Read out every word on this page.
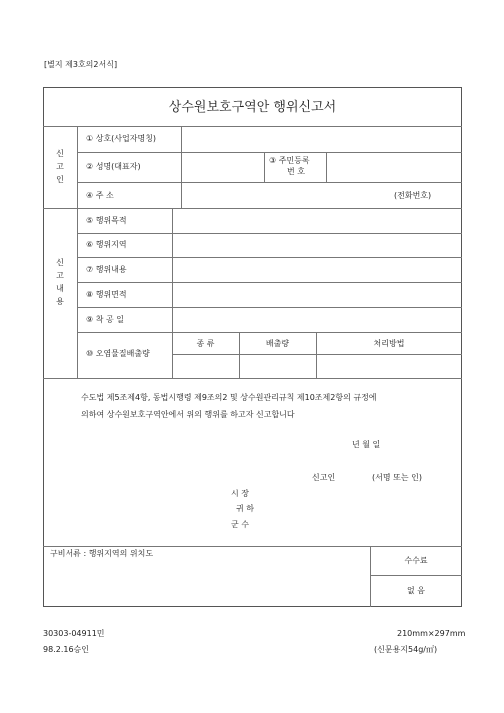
[별지 제3호의2서식]
상수원보호구역안 행위신고서
신
고
인
신
고
내
용
① 상호(사업자명칭)
② 성명(대표자)
③ 주민등록
번 호
④ 주 소	(전화번호)
⑤ 행위목적
⑥ 행위지역
⑦ 행위내용
⑧ 행위면적
⑨ 착 공 일
⑩ 오염물질배출량
종 류	배출량	처리방법
수도법 제5조제4항, 동법시행령 제9조의2 및 상수원관리규칙 제10조제2항의 규정에
의하여 상수원보호구역안에서 위의 행위를 하고자 신고합니다
년 월 일
신고인	(서명 또는 인)
시 장
귀 하
군 수
구비서류 : 행위지역의 위치도
수수료
없 음
30303-04911민
98.2.16승인
210mm×297mm
(신문용지54g/㎡)
